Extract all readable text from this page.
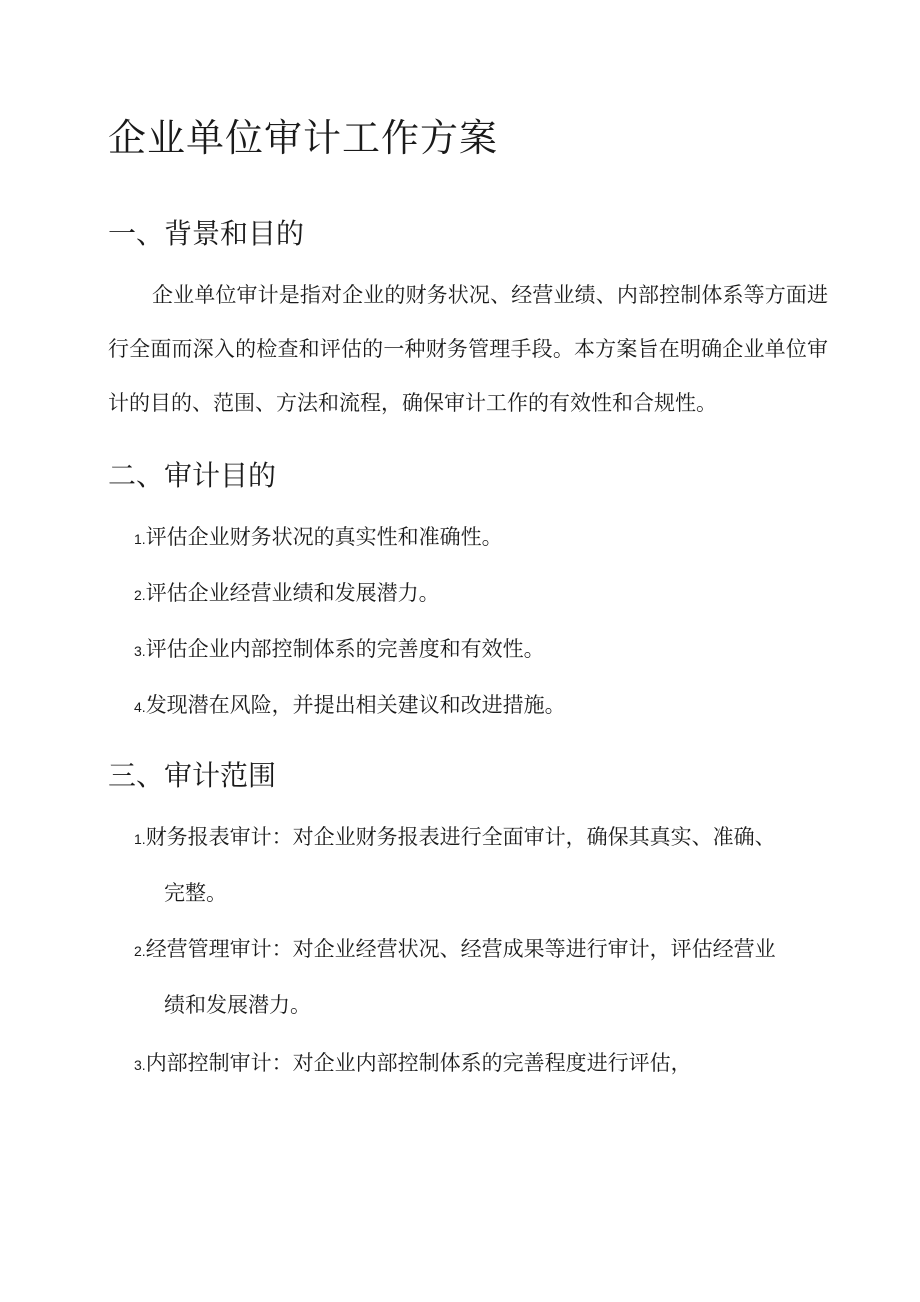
企业单位审计工作方案
一、背景和目的

企业单位审计是指对企业的财务状况、经营业绩、内部控制体系等方面进行全面而深入的检查和评估的一种财务管理手段。本方案旨在明确企业单位审计的目的、范围、方法和流程，确保审计工作的有效性和合规性。

二、审计目的
1.评估企业财务状况的真实性和准确性。
2.评估企业经营业绩和发展潜力。
3.评估企业内部控制体系的完善度和有效性。
4.发现潜在风险，并提出相关建议和改进措施。
三、审计范围
1.财务报表审计：对企业财务报表进行全面审计，确保其真实、准确、
完整。
2.经营管理审计：对企业经营状况、经营成果等进行审计，评估经营业
绩和发展潜力。
3.内部控制审计：对企业内部控制体系的完善程度进行评估，
